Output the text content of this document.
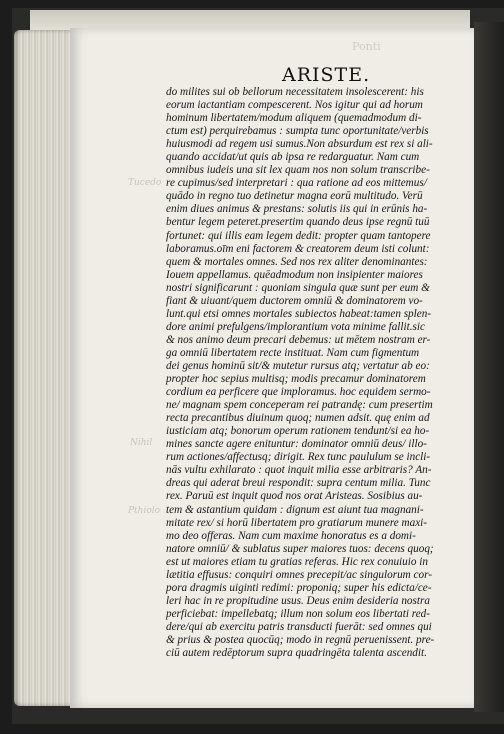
Ponti
Tucedo
Nihil
Pthiolo
ARISTE.
do milites sui ob bellorum necessitatem insolescerent: his
eorum iactantiam compescerent. Nos igitur qui ad horum
hominum libertatem/modum aliquem (quemadmodum di-
ctum est) perquirebamus : sumpta tunc oportunitate/verbis
huiusmodi ad regem usi sumus.Non absurdum est rex si ali-
quando accidat/ut quis ab ipsa re redarguatur. Nam cum
omnibus iudeis una sit lex quam nos non solum transcribe-
re cupimus/sed interpretari : qua ratione ad eos mittemus/
quādo in regno tuo detinetur magna eorū multitudo. Verū
enim diues animus & prestans: solutis iis qui in erūnis ha-
bentur legem peteret.presertim quando deus ipse regnū tuū
fortunet: qui illis eam legem dedit: propter quam tantopere
laboramus.oīm eni factorem & creatorem deum isti colunt:
quem & mortales omnes. Sed nos rex aliter denominantes:
Iouem appellamus. quēadmodum non insipienter maiores
nostri significarunt : quoniam singula quæ sunt per eum &
fiant & uiuant/quem ductorem omniū & dominatorem vo-
lunt.qui etsi omnes mortales subiectos habeat:tamen splen-
dore animi prefulgens/implorantium vota minime fallit.sic
& nos animo deum precari debemus: ut mētem nostram er-
ga omniū libertatem recte instituat. Nam cum figmentum
dei genus hominū sit/& mutetur rursus atq; vertatur ab eo:
propter hoc sepius multisq; modis precamur dominatorem
cordium ea perficere que imploramus. hoc equidem sermo-
ne/ magnam spem conceperam rei patrandę: cum presertim
recta precantibus diuinum quoq; numen adsit. quę enim ad
iusticiam atq; bonorum operum rationem tendunt/si ea ho-
mines sancte agere enituntur: dominator omniū deus/ illo-
rum actiones/affectusq; dirigit. Rex tunc paululum se incli-
nās vultu exhilarato : quot inquit milia esse arbitraris? An-
dreas qui aderat breui respondit: supra centum milia. Tunc
rex. Paruū est inquit quod nos orat Aristeas. Sosibius au-
tem & astantium quidam : dignum est aiunt tua magnani-
mitate rex/ si horū libertatem pro gratiarum munere maxi-
mo deo offeras. Nam cum maxime honoratus es a domi-
natore omniū/ & sublatus super maiores tuos: decens quoq;
est ut maiores etiam tu gratias referas. Hic rex conuiuio in
lætitia effusus: conquiri omnes precepit/ac singulorum cor-
pora dragmis uiginti redimi: proponiq; super his edicta/ce-
leri hac in re propitudine usus. Deus enim desideria nostra
perficiebat: impellebatq; illum non solum eos libertati red-
dere/qui ab exercitu patris transducti fuerāt: sed omnes qui
& prius & postea quocūq; modo in regnū peruenissent. pre-
ciū autem redēptorum supra quadringēta talenta ascendit.
